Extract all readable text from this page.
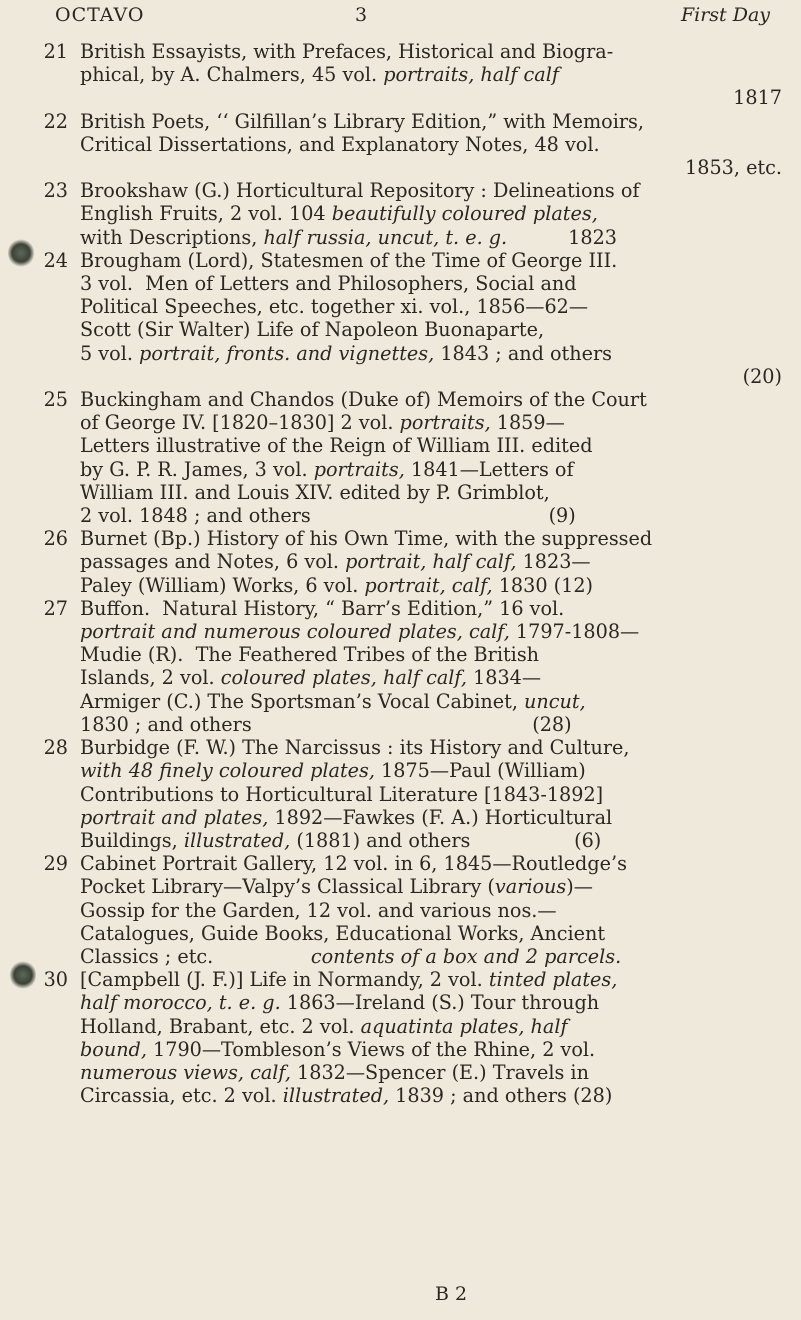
OCTAVO	3	First Day
21 British Essayists, with Prefaces, Historical and Biogra-
phical, by A. Chalmers, 45 vol. portraits, half calf
1817
22 British Poets, ‘‘ Gilfillan’s Library Edition,” with Memoirs,
Critical Dissertations, and Explanatory Notes, 48 vol.
1853, etc.
23 Brookshaw (G.) Horticultural Repository : Delineations of
English Fruits, 2 vol. 104 beautifully coloured plates,
with Descriptions, half russia, uncut, t. e. g.          1823
24 Brougham (Lord), Statesmen of the Time of George III.
3 vol.  Men of Letters and Philosophers, Social and
Political Speeches, etc. together xi. vol., 1856—62—
Scott (Sir Walter) Life of Napoleon Buonaparte,
5 vol. portrait, fronts. and vignettes, 1843 ; and others
(20)
25 Buckingham and Chandos (Duke of) Memoirs of the Court
of George IV. [1820–1830] 2 vol. portraits, 1859—
Letters illustrative of the Reign of William III. edited
by G. P. R. James, 3 vol. portraits, 1841—Letters of
William III. and Louis XIV. edited by P. Grimblot,
2 vol. 1848 ; and others                                       (9)
26 Burnet (Bp.) History of his Own Time, with the suppressed
passages and Notes, 6 vol. portrait, half calf, 1823—
Paley (William) Works, 6 vol. portrait, calf, 1830 (12)
27 Buffon.  Natural History, “ Barr’s Edition,” 16 vol.
portrait and numerous coloured plates, calf, 1797-1808—
Mudie (R).  The Feathered Tribes of the British
Islands, 2 vol. coloured plates, half calf, 1834—
Armiger (C.) The Sportsman’s Vocal Cabinet, uncut,
1830 ; and others                                              (28)
28 Burbidge (F. W.) The Narcissus : its History and Culture,
with 48 finely coloured plates, 1875—Paul (William)
Contributions to Horticultural Literature [1843-1892]
portrait and plates, 1892—Fawkes (F. A.) Horticultural
Buildings, illustrated, (1881) and others                 (6)
29 Cabinet Portrait Gallery, 12 vol. in 6, 1845—Routledge’s
Pocket Library—Valpy’s Classical Library (various)—
Gossip for the Garden, 12 vol. and various nos.—
Catalogues, Guide Books, Educational Works, Ancient
Classics ; etc.                contents of a box and 2 parcels.
30 [Campbell (J. F.)] Life in Normandy, 2 vol. tinted plates,
half morocco, t. e. g. 1863—Ireland (S.) Tour through
Holland, Brabant, etc. 2 vol. aquatinta plates, half
bound, 1790—Tombleson’s Views of the Rhine, 2 vol.
numerous views, calf, 1832—Spencer (E.) Travels in
Circassia, etc. 2 vol. illustrated, 1839 ; and others (28)
B 2
